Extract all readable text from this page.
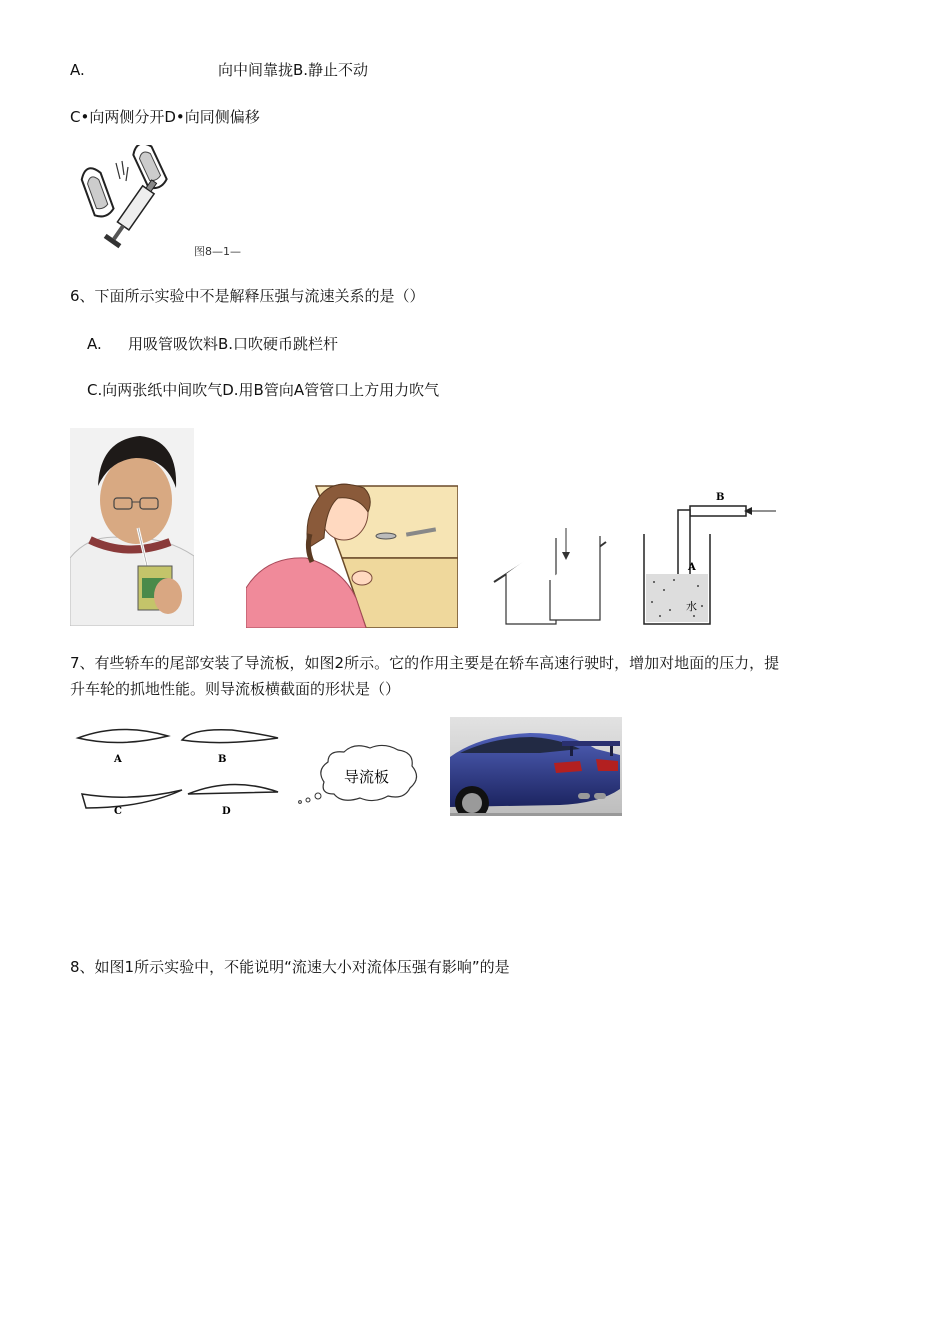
A.	向中间靠拢B.静止不动
C•向两侧分开D•向同侧偏移
图8—1—
6、下面所示实验中不是解释压强与流速关系的是（）
A. 用吸管吸饮料B.口吹硬币跳栏杆
C.向两张纸中间吹气D.用B管向A管管口上方用力吹气
B
A
水
7、有些轿车的尾部安装了导流板，如图2所示。它的作用主要是在轿车高速行驶时，增加对地面的压力，提
升车轮的抓地性能。则导流板横截面的形状是（）
A	B
C	D
导流板
8、如图1所示实验中，不能说明“流速大小对流体压强有影响”的是
